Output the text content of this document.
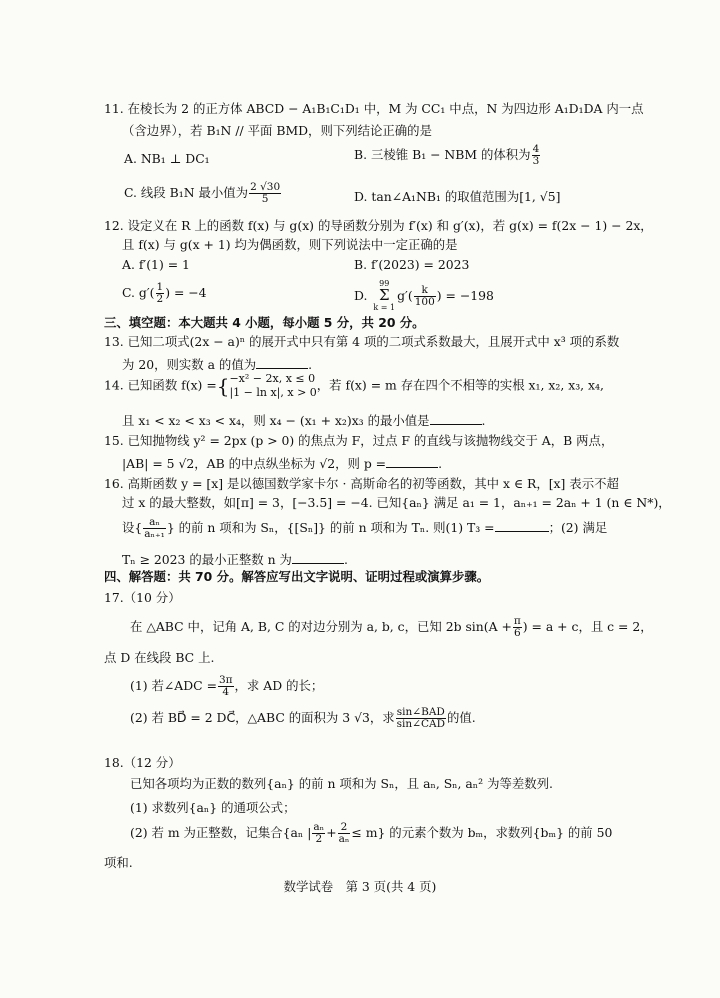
11. 在棱长为 2 的正方体 ABCD − A₁B₁C₁D₁ 中，M 为 CC₁ 中点，N 为四边形 A₁D₁DA 内一点
（含边界），若 B₁N // 平面 BMD，则下列结论正确的是
A. NB₁ ⊥ DC₁	B. 三棱锥 B₁ − NBM 的体积为 $\frac{4}{3}$
C. 线段 B₁N 最小值为 $\frac{2 √30}{5}$	D. tan∠A₁NB₁ 的取值范围为[1, √5]
12. 设定义在 R 上的函数 f(x) 与 g(x) 的导函数分别为 f′(x) 和 g′(x)，若 g(x) = f(2x − 1) − 2x，
且 f(x) 与 g(x + 1) 均为偶函数，则下列说法中一定正确的是
A. f′(1) = 1	B. f′(2023) = 2023
C. $g'( \frac{1}{2}$ ) = −4	D.
99
Σ
k = 1
$g'( \frac{k}{100}$ ) = −198
三、填空题：本大题共 4 小题，每小题 5 分，共 20 分。
13. 已知二项式(2x − a)ⁿ 的展开式中只有第 4 项的二项式系数最大，且展开式中 x³ 项的系数
为 20，则实数 a 的值为	.
14. 已知函数 f(x) ={ −x² − 2x, x ≤ 0
|1 − ln x|, x > 0 ，若 f(x) = m 存在四个不相等的实根 x₁, x₂, x₃, x₄,
且 x₁ < x₂ < x₃ < x₄，则 x₄ − (x₁ + x₂)x₃ 的最小值是	.
15. 已知抛物线 y² = 2px (p > 0) 的焦点为 F，过点 F 的直线与该抛物线交于 A，B 两点，
|AB| = 5 √2，AB 的中点纵坐标为 √2，则 p =	.
16. 高斯函数 y = [x] 是以德国数学家卡尔 · 高斯命名的初等函数，其中 x ∈ R，[x] 表示不超
过 x 的最大整数，如[π] = 3，[−3.5] = −4. 已知{aₙ} 满足 a₁ = 1，aₙ₊₁ = 2aₙ + 1 (n ∈ N*)，
设{ $\frac{\text{aₙ}}{\text{aₙ₊₁}}$ } 的前 n 项和为 Sₙ，{[Sₙ]} 的前 n 项和为 Tₙ. 则(1) T₃ =	；(2) 满足
Tₙ ≥ 2023 的最小正整数 n 为	.
四、解答题：共 70 分。解答应写出文字说明、证明过程或演算步骤。
17.（10 分）
在 △ABC 中，记角 A, B, C 的对边分别为 a, b, c，已知 2b $\sin(A + \frac{\pi}{6}$ ) = a + c，且 c = 2，
点 D 在线段 BC 上.
(1) 若∠ADC = $\frac{3\pi}{4}$ ，求 AD 的长；
(2) 若 BD⃗ = 2 DC⃗，△ABC 的面积为 3 √3，求 $\frac{\text{sin∠BAD}}{\text{sin∠CAD}}$ 的值.
18.（12 分）
已知各项均为正数的数列{aₙ} 的前 n 项和为 Sₙ，且 aₙ, Sₙ, aₙ² 为等差数列.
(1) 求数列{aₙ} 的通项公式；
(2) 若 m 为正整数，记集合{aₙ | $\frac{\text{aₙ}}{2} + \frac{2}{\text{aₙ}} \le m$} 的元素个数为 bₘ，求数列{bₘ} 的前 50
项和.
数学试卷　第 3 页(共 4 页)
